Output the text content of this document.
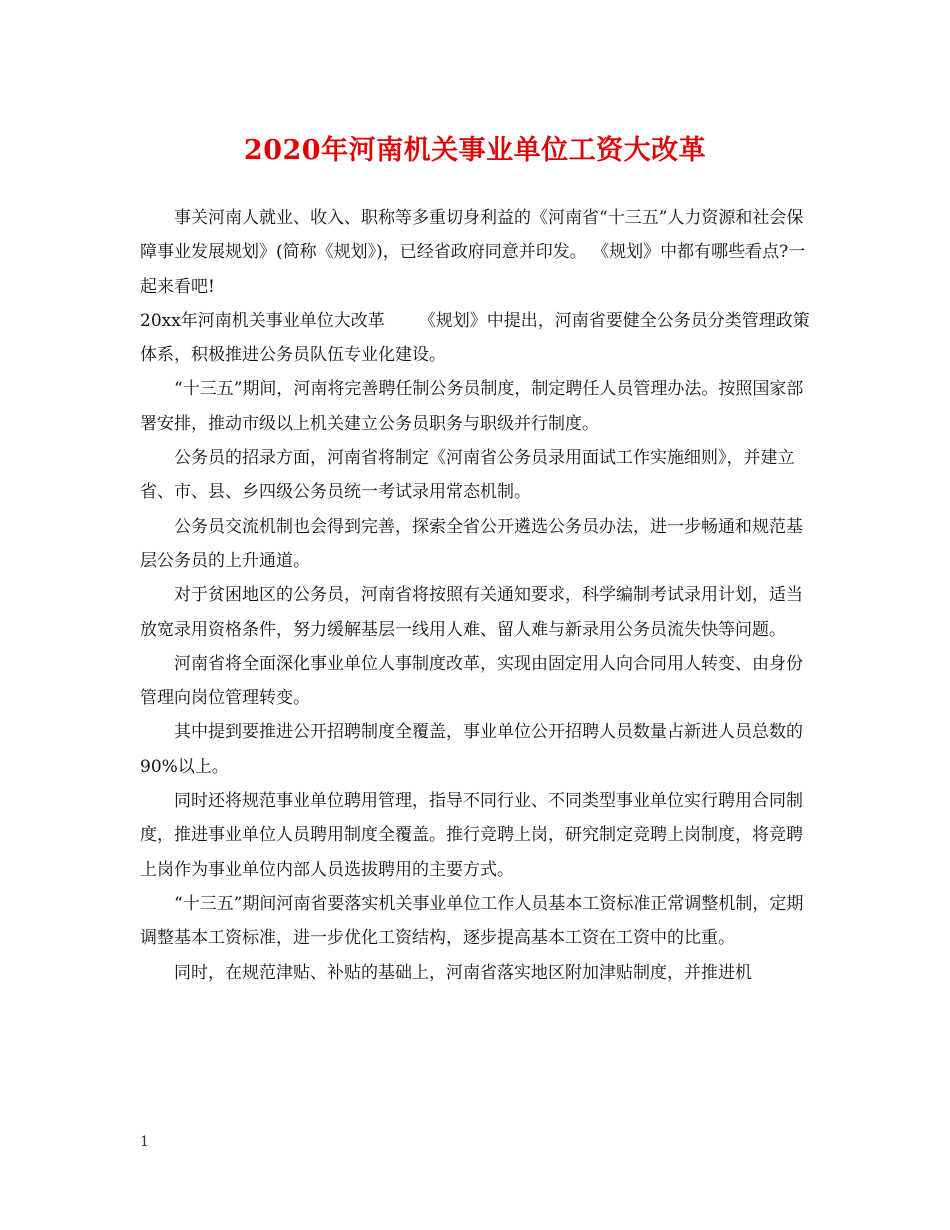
2020年河南机关事业单位工资大改革

事关河南人就业、收入、职称等多重切身利益的《河南省“十三五”人力资源和社会保障事业发展规划》(简称《规划》)，已经省政府同意并印发。 《规划》中都有哪些看点?一起来看吧!

20xx年河南机关事业单位大改革 《规划》中提出，河南省要健全公务员分类管理政策体系，积极推进公务员队伍专业化建设。

“十三五”期间，河南将完善聘任制公务员制度，制定聘任人员管理办法。按照国家部署安排，推动市级以上机关建立公务员职务与职级并行制度。

公务员的招录方面，河南省将制定《河南省公务员录用面试工作实施细则》，并建立省、市、县、乡四级公务员统一考试录用常态机制。

公务员交流机制也会得到完善，探索全省公开遴选公务员办法，进一步畅通和规范基层公务员的上升通道。

对于贫困地区的公务员，河南省将按照有关通知要求，科学编制考试录用计划，适当放宽录用资格条件，努力缓解基层一线用人难、留人难与新录用公务员流失快等问题。

河南省将全面深化事业单位人事制度改革，实现由固定用人向合同用人转变、由身份管理向岗位管理转变。

其中提到要推进公开招聘制度全覆盖，事业单位公开招聘人员数量占新进人员总数的90%以上。

同时还将规范事业单位聘用管理，指导不同行业、不同类型事业单位实行聘用合同制度，推进事业单位人员聘用制度全覆盖。推行竞聘上岗，研究制定竞聘上岗制度，将竞聘上岗作为事业单位内部人员选拔聘用的主要方式。

“十三五”期间河南省要落实机关事业单位工作人员基本工资标准正常调整机制，定期调整基本工资标准，进一步优化工资结构，逐步提高基本工资在工资中的比重。

同时，在规范津贴、补贴的基础上，河南省落实地区附加津贴制度，并推进机

1
